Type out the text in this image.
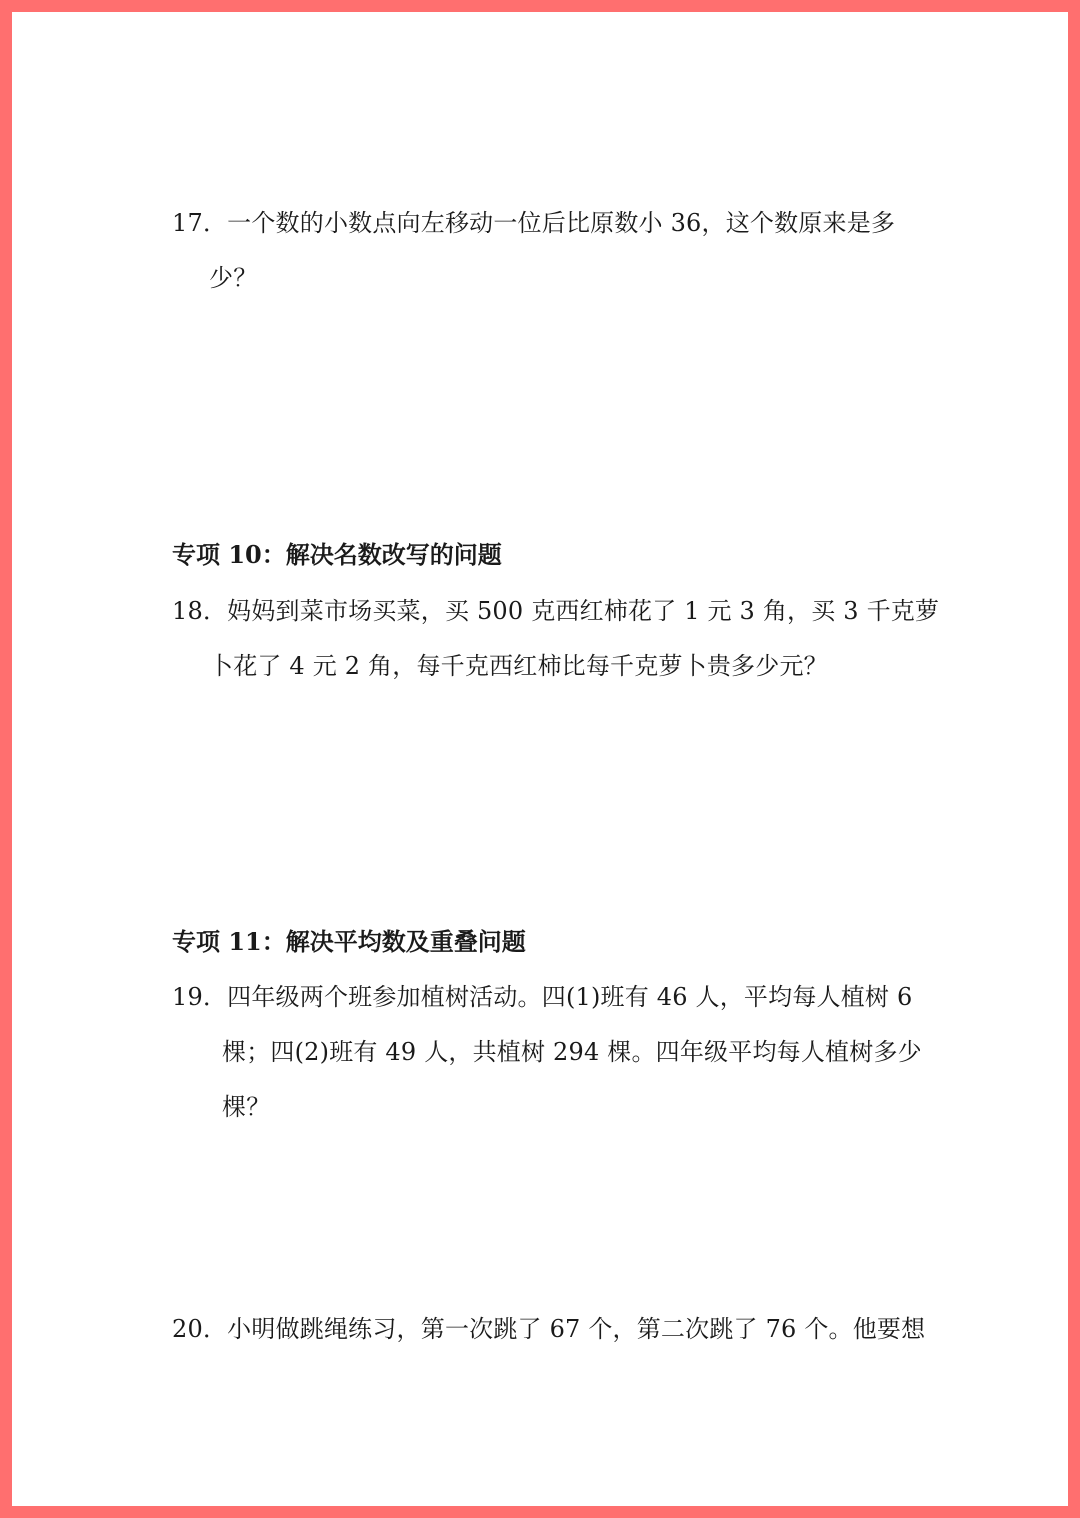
17．一个数的小数点向左移动一位后比原数小 36，这个数原来是多
少？
专项 10：解决名数改写的问题
18．妈妈到菜市场买菜，买 500 克西红柿花了 1 元 3 角，买 3 千克萝
卜花了 4 元 2 角，每千克西红柿比每千克萝卜贵多少元？
专项 11：解决平均数及重叠问题
19．四年级两个班参加植树活动。四(1)班有 46 人，平均每人植树 6
棵；四(2)班有 49 人，共植树 294 棵。四年级平均每人植树多少
棵？
20．小明做跳绳练习，第一次跳了 67 个，第二次跳了 76 个。他要想
